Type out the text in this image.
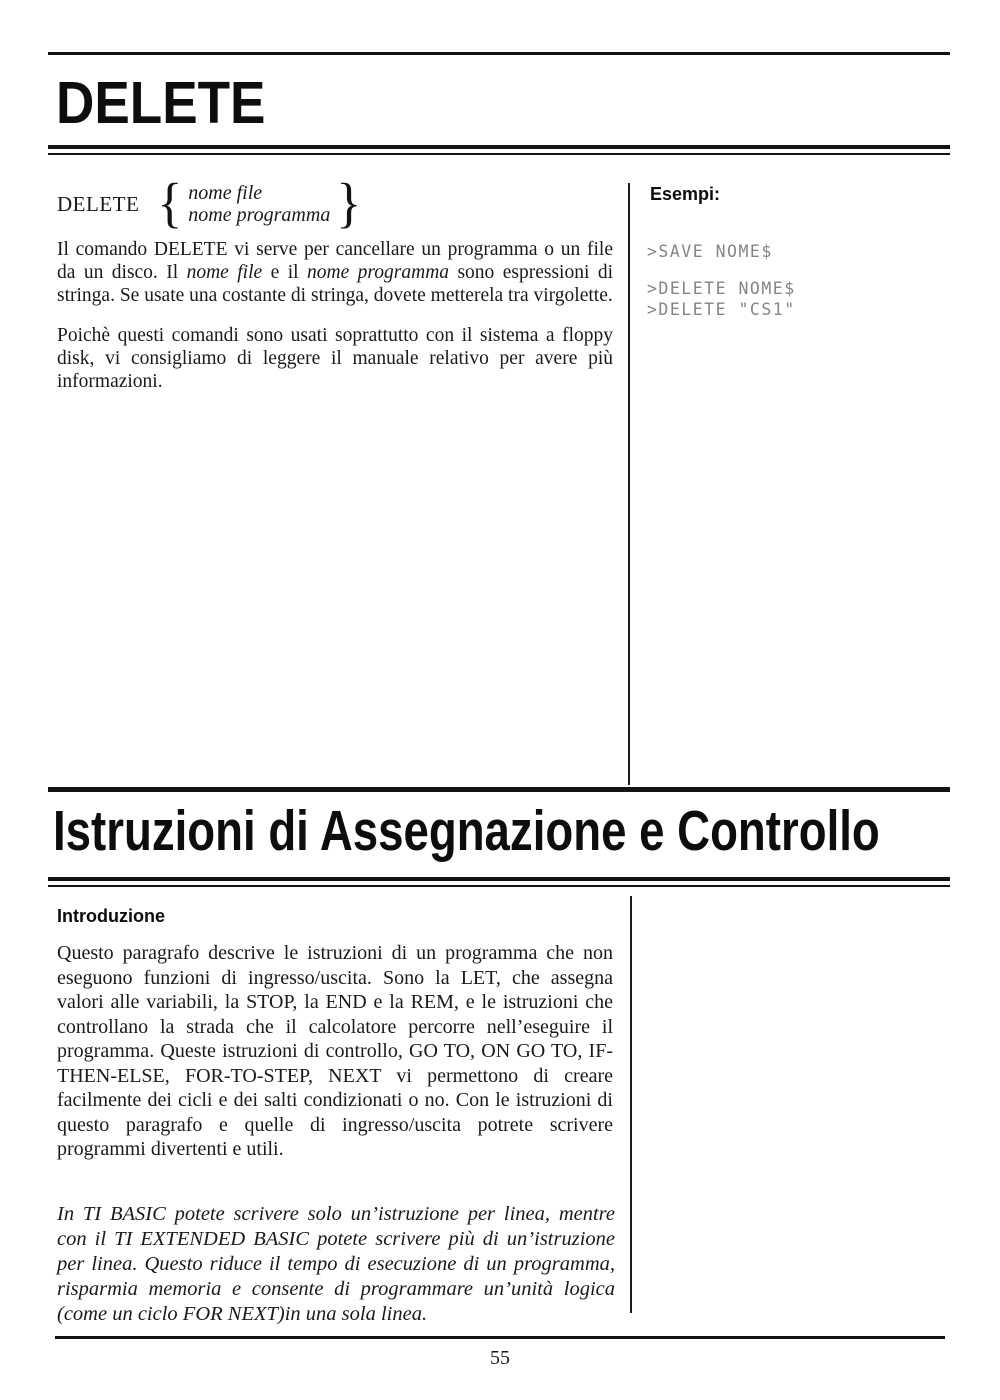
DELETE
DELETE { nome file
nome programma }

Il comando DELETE vi serve per cancellare un programma o un file da un disco. Il nome file e il nome programma sono espressioni di stringa. Se usate una costante di stringa, dovete metterela tra virgolette.

Poichè questi comandi sono usati soprattutto con il sistema a floppy disk, vi consigliamo di leggere il manuale relativo per avere più informazioni.

Esempi:
>SAVE NOME$
>DELETE NOME$
>DELETE "CS1"
Istruzioni di Assegnazione e Controllo
Introduzione

Questo paragrafo descrive le istruzioni di un programma che non eseguono funzioni di ingresso/uscita. Sono la LET, che assegna valori alle variabili, la STOP, la END e la REM, e le istruzioni che controllano la strada che il calcolatore percorre nell’eseguire il programma. Queste istruzioni di controllo, GO TO, ON GO TO, IF-THEN-ELSE, FOR-TO-STEP, NEXT vi permettono di creare facilmente dei cicli e dei salti condizionati o no. Con le istruzioni di questo paragrafo e quelle di ingresso/uscita potrete scrivere programmi divertenti e utili.

In TI BASIC potete scrivere solo un’istruzione per linea, mentre con il TI EXTENDED BASIC potete scrivere più di un’istruzione per linea. Questo riduce il tempo di esecuzione di un programma, risparmia memoria e consente di programmare un’unità logica (come un ciclo FOR NEXT)in una sola linea.

55
